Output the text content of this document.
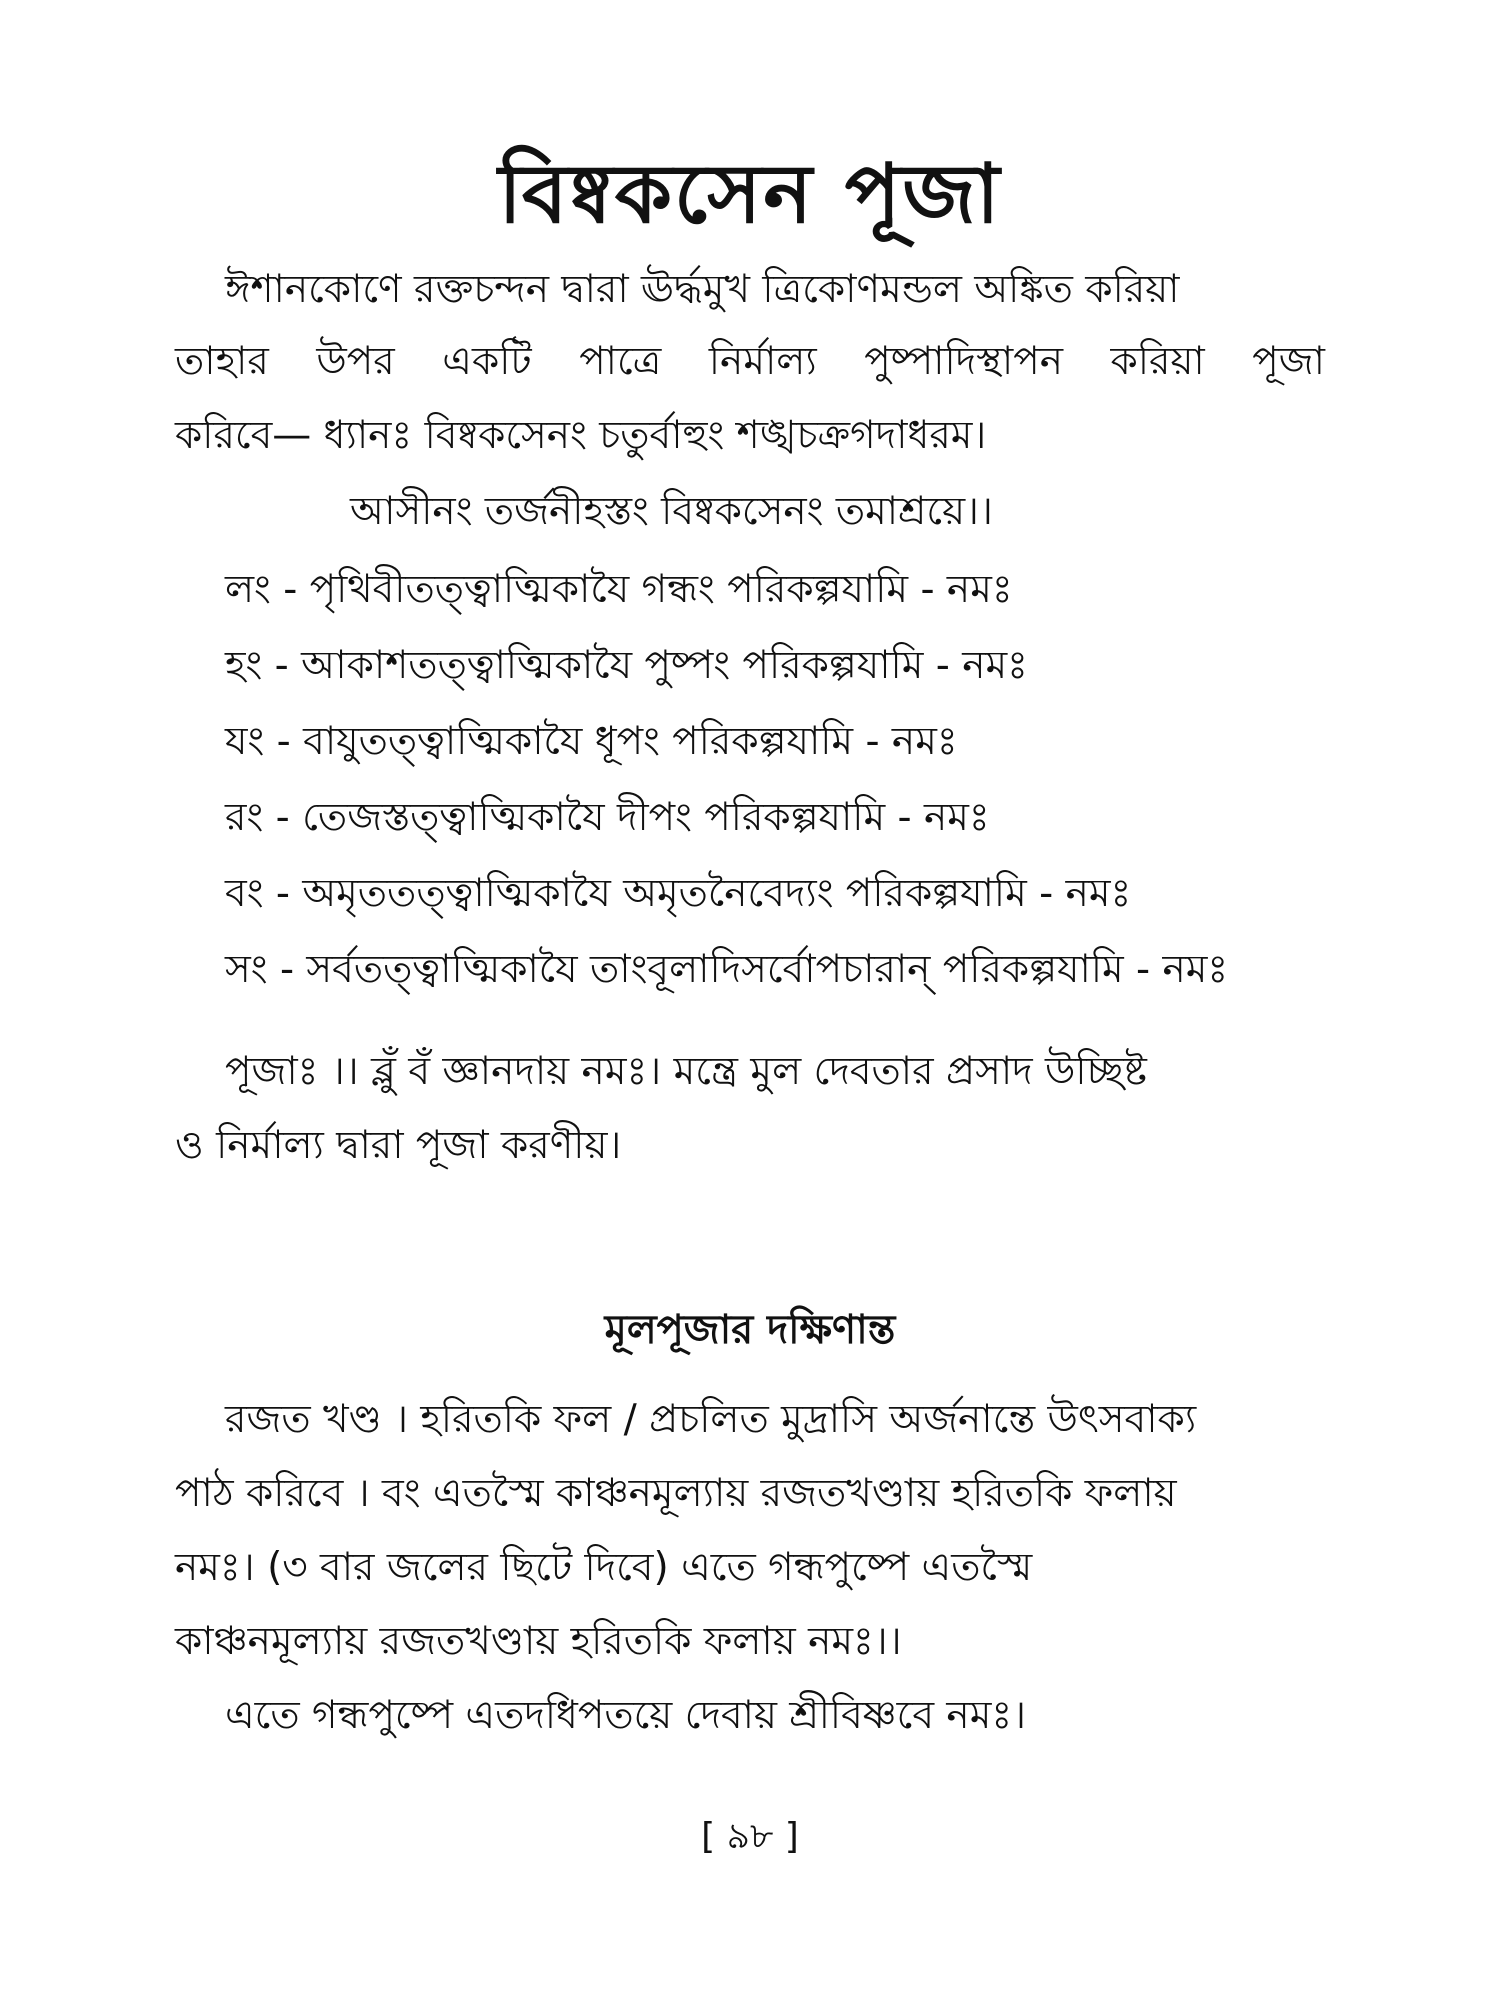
বিষ্বকসেন পূজা
ঈশানকোণে রক্তচন্দন দ্বারা ঊর্দ্ধমুখ ত্রিকোণমন্ডল অঙ্কিত করিয়া
তাহার উপর একটি পাত্রে নির্মাল্য পুষ্পাদিস্থাপন করিয়া পূজা
করিবে— ধ্যানঃ বিষ্বকসেনং চতুর্বাহুং শঙ্খচক্রগদাধরম।
আসীনং তর্জনীহস্তং বিষ্বকসেনং তমাশ্রয়ে।।
লং - পৃথিবীতত্ত্বাত্মিকাযৈ গন্ধং পরিকল্পযামি - নমঃ
হং - আকাশতত্ত্বাত্মিকাযৈ পুষ্পং পরিকল্পযামি - নমঃ
যং - বাযুতত্ত্বাত্মিকাযৈ ধূপং পরিকল্পযামি - নমঃ
রং - তেজস্তত্ত্বাত্মিকাযৈ দীপং পরিকল্পযামি - নমঃ
বং - অমৃততত্ত্বাত্মিকাযৈ অমৃতনৈবেদ্যং পরিকল্পযামি - নমঃ
সং - সর্বতত্ত্বাত্মিকাযৈ তাংবূলাদিসর্বোপচারান্ পরিকল্পযামি - নমঃ
পূজাঃ ।। ব্লুঁ বঁ জ্ঞানদায় নমঃ। মন্ত্রে মুল দেবতার প্রসাদ উচ্ছিষ্ট
ও নির্মাল্য দ্বারা পূজা করণীয়।
মূলপূজার দক্ষিণান্ত
রজত খণ্ড । হরিতকি ফল / প্রচলিত মুদ্রাসি অর্জনান্তে উৎসবাক্য
পাঠ করিবে । বং এতস্মৈ কাঞ্চনমূল্যায় রজতখণ্ডায় হরিতকি ফলায়
নমঃ। (৩ বার জলের ছিটে দিবে) এতে গন্ধপুষ্পে এতস্মৈ
কাঞ্চনমূল্যায় রজতখণ্ডায় হরিতকি ফলায় নমঃ।।
এতে গন্ধপুষ্পে এতদধিপতয়ে দেবায় শ্রীবিষ্ণবে নমঃ।
[ ৯৮ ]
